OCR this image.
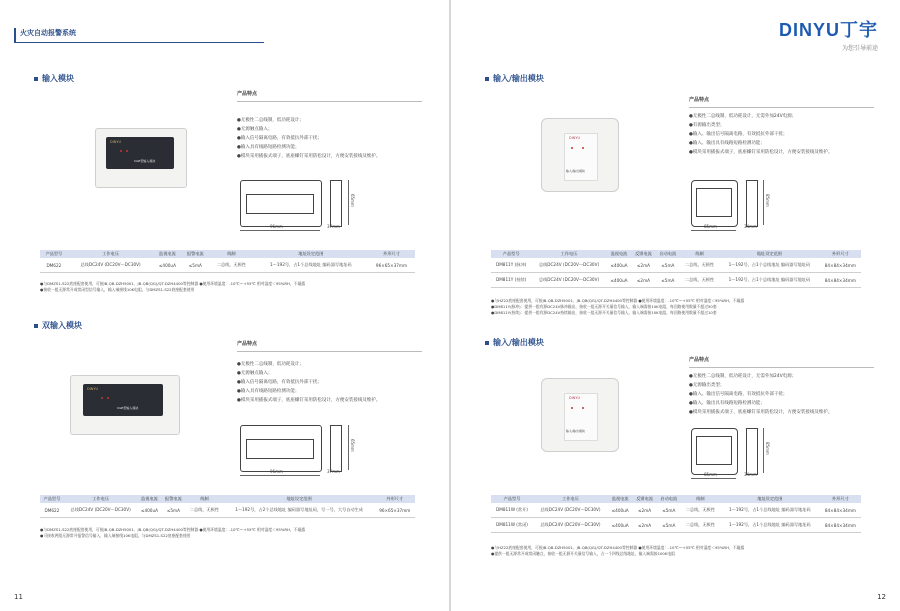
火灾自动报警系统
输入模块
DINYU
CGE型输入模块
产品特点
●无极性二总线制，低功耗设计；
●无源触点输入；
●输入信号隔离电路，有效抵抗外部干扰；
●输入具有线路短路检测功能；
●模块采用插拔式端子，底座螺钉采用防松设计，方便安装接线及维护。
65mm
96mm	37mm
产品型号	工作电压	监视电流	报警电流	线制	地址设定范围	外形尺寸
DM622	总线DC24V (DC20V～DC30V)	≤400uA	≤5mA	二总线，无极性	1～192号，占1个总线地址 编码器写地址码	96×65×37mm
●与DMZS1-S22底座配套使用，可接JB-QB-DZH5001、JB-QB(QG)/QT-DZH4400等控制器 ●使用环境温度：-10℃～+55℃ 相对湿度＜95%RH，不凝露
●接收一组无源常开或常闭型信号输入，输入端接线10K电阻，与DMZS1-S22底座配套使用
双输入模块
DINYU
CGE型输入模块
产品特点
●无极性二总线制，低功耗设计；
●无源触点输入；
●输入信号隔离电路，有效抵抗外部干扰；
●输入具有线路短路检测功能；
●模块采用插拔式端子，底座螺钉采用防松设计，方便安装接线及维护。
65mm
96mm	37mm
产品型号	工作电压	监视电流	报警电流	线制	地址设定范围	外形尺寸
DM622	总线DC24V (DC20V～DC30V)	≤400uA	≤5mA	二总线，无极性	1～192号，占2个总线地址 编码器写地址码，写一号，大号自动生成	96×65×37mm
●与DMZS1-S22底座配套使用，可接JB-QB-DZH5001、JB-QB(QG)/QT-DZH4400等控制器 ●使用环境温度：-10℃～+55℃ 相对湿度＜95%RH，不凝露
●可接收两组无源常开报警信号输入，输入端接线10K电阻，与DMZS1-S22底座配套使用
11
DINYU丁宇
为您引导前途
输入/输出模块
DINYU
输入/输出模块
产品特点
●无极性二总线制，低功耗设计，无需外加24V电源；
●有源输出类型；
●输入、输出信号隔离电路，有效抵抗外部干扰；
●输入、输出具有线路短路检测功能；
●模块采用插拔式端子，底座螺钉采用防松设计，方便安装接线及维护。
85mm
85mm	34mm
产品型号	工作电压	监视电流	反馈电流	启动电流	线制	地址设定范围	外形尺寸
DM811Y (脉冲)	总线DC24V (DC20V～DC30V)	≤400uA	≤2mA	≤5mA	二总线，无极性	1～192号，占1个总线地址 编码器写地址码	84×84×34mm
DM811Y (持续)	总线DC24V (DC20V～DC30V)	≤400uA	≤2mA	≤5mA	二总线，无极性	1～192号，占1个总线地址 编码器写地址码	84×84×34mm
●与HZ22底座配套使用，可接JB-QB-DZH5001、JB-QB(QG)/QT-DZH4400等控制器 ●使用环境温度：-10℃～+55℃ 相对湿度＜95%RH，不凝露
●DM811Y(脉冲)：提供一组有源DC24V脉冲输出，接收一组无源开关量信号输入，输入端需接10K电阻，每回路使用数量不超过50套
●DM811Y(持续)：提供一组有源DC24V持续输出，接收一组无源开关量信号输入，输入端需接10K电阻，每回路使用数量不超过10套
输入/输出模块
DINYU
输入/输出模块
产品特点
●无极性二总线制，低功耗设计，无需外加24V电源；
●无源输出类型；
●输入、输出信号隔离电路，有效抵抗外部干扰；
●输入、输出具有线路短路检测功能；
●模块采用插拔式端子，底座螺钉采用防松设计，方便安装接线及维护。
85mm
85mm	34mm
产品型号	工作电压	监视电流	反馈电流	启动电流	线制	地址设定范围	外形尺寸
DM811W (常开)	总线DC24V (DC20V～DC30V)	≤400uA	≤2mA	≤5mA	二总线，无极性	1～192号，占1个总线地址 编码器写地址码	84×84×34mm
DM811W (常闭)	总线DC24V (DC20V～DC30V)	≤400uA	≤2mA	≤5mA	二总线，无极性	1～192号，占1个总线地址 编码器写地址码	84×84×34mm
●与HZ22底座配套使用，可接JB-QB-DZH5001、JB-QB(QG)/QT-DZH4400等控制器 ●使用环境温度：-10℃～+55℃ 相对湿度＜95%RH，不凝露
●提供一组无源常开或常闭触点，接收一组无源开关量信号输入，占一个四线总线地址，输入端需接100K电阻
12
